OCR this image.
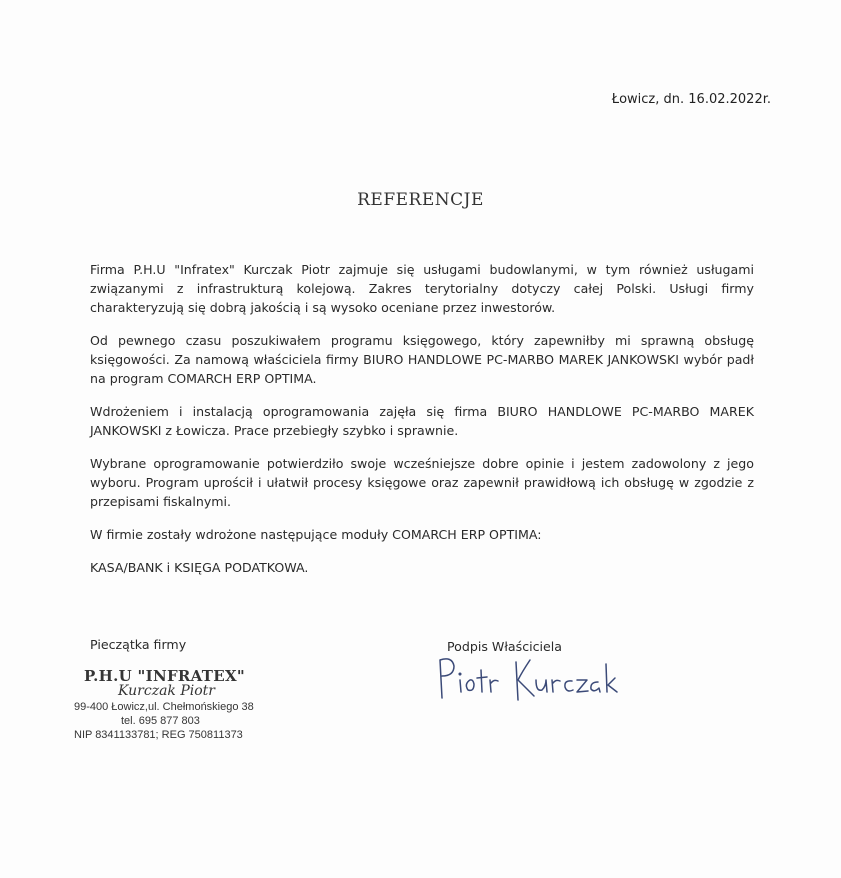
Łowicz, dn. 16.02.2022r.
REFERENCJE

Firma P.H.U "Infratex" Kurczak Piotr zajmuje się usługami budowlanymi, w tym również usługami związanymi z infrastrukturą kolejową. Zakres terytorialny dotyczy całej Polski. Usługi firmy charakteryzują się dobrą jakością i są wysoko oceniane przez inwestorów.

Od pewnego czasu poszukiwałem programu księgowego, który zapewniłby mi sprawną obsługę księgowości. Za namową właściciela firmy BIURO HANDLOWE PC-MARBO MAREK JANKOWSKI wybór padł na program COMARCH ERP OPTIMA.

Wdrożeniem i instalacją oprogramowania zajęła się firma BIURO HANDLOWE PC-MARBO MAREK JANKOWSKI z Łowicza. Prace przebiegły szybko i sprawnie.

Wybrane oprogramowanie potwierdziło swoje wcześniejsze dobre opinie i jestem zadowolony z jego wyboru. Program uprościł i ułatwił procesy księgowe oraz zapewnił prawidłową ich obsługę w zgodzie z przepisami fiskalnymi.

W firmie zostały wdrożone następujące moduły COMARCH ERP OPTIMA:

KASA/BANK i KSIĘGA PODATKOWA.

Pieczątka firmy	Podpis Właściciela
P.H.U "INFRATEX"
Kurczak Piotr
99-400 Łowicz,ul. Chełmońskiego 38
tel. 695 877 803
NIP 8341133781; REG 750811373
